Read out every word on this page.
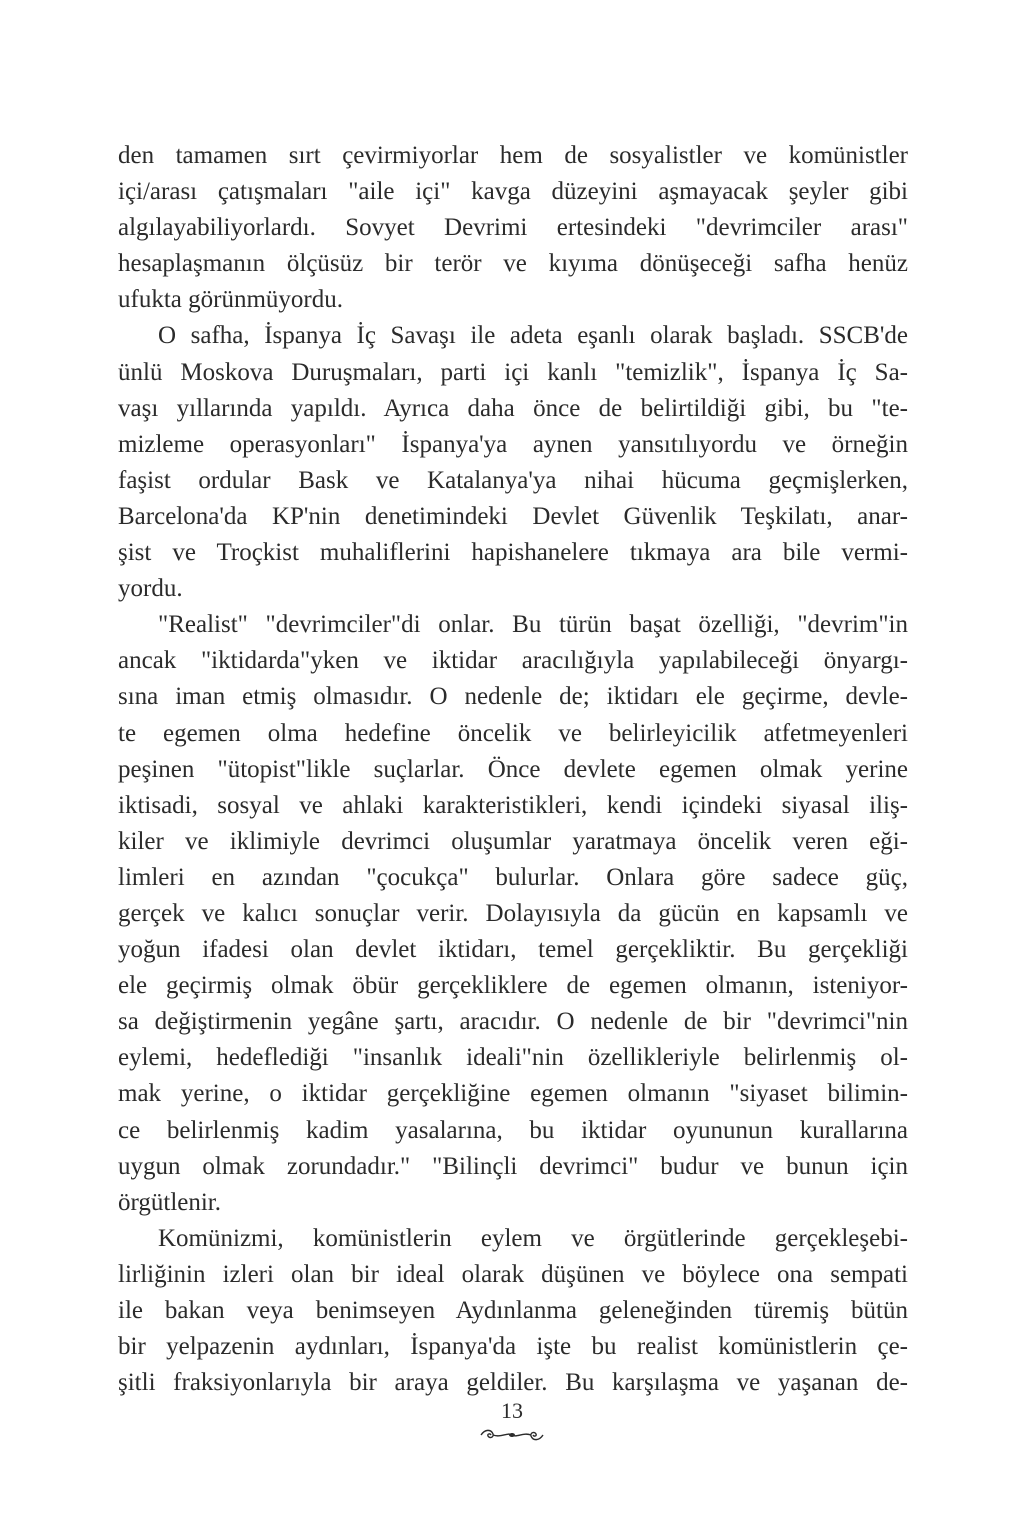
den tamamen sırt çevirmiyorlar hem de sosyalistler ve komünistler
içi/arası çatışmaları "aile içi" kavga düzeyini aşmayacak şeyler gibi
algılayabiliyorlardı. Sovyet Devrimi ertesindeki "devrimciler arası"
hesaplaşmanın ölçüsüz bir terör ve kıyıma dönüşeceği safha henüz
ufukta görünmüyordu.
O safha, İspanya İç Savaşı ile adeta eşanlı olarak başladı. SSCB'de
ünlü Moskova Duruşmaları, parti içi kanlı "temizlik", İspanya İç Sa-
vaşı yıllarında yapıldı. Ayrıca daha önce de belirtildiği gibi, bu "te-
mizleme operasyonları" İspanya'ya aynen yansıtılıyordu ve örneğin
faşist ordular Bask ve Katalanya'ya nihai hücuma geçmişlerken,
Barcelona'da KP'nin denetimindeki Devlet Güvenlik Teşkilatı, anar-
şist ve Troçkist muhaliflerini hapishanelere tıkmaya ara bile vermi-
yordu.
"Realist" "devrimciler"di onlar. Bu türün başat özelliği, "devrim"in
ancak "iktidarda"yken ve iktidar aracılığıyla yapılabileceği önyargı-
sına iman etmiş olmasıdır. O nedenle de; iktidarı ele geçirme, devle-
te egemen olma hedefine öncelik ve belirleyicilik atfetmeyenleri
peşinen "ütopist"likle suçlarlar. Önce devlete egemen olmak yerine
iktisadi, sosyal ve ahlaki karakteristikleri, kendi içindeki siyasal iliş-
kiler ve iklimiyle devrimci oluşumlar yaratmaya öncelik veren eği-
limleri en azından "çocukça" bulurlar. Onlara göre sadece güç,
gerçek ve kalıcı sonuçlar verir. Dolayısıyla da gücün en kapsamlı ve
yoğun ifadesi olan devlet iktidarı, temel gerçekliktir. Bu gerçekliği
ele geçirmiş olmak öbür gerçekliklere de egemen olmanın, isteniyor-
sa değiştirmenin yegâne şartı, aracıdır. O nedenle de bir "devrimci"nin
eylemi, hedeflediği "insanlık ideali"nin özellikleriyle belirlenmiş ol-
mak yerine, o iktidar gerçekliğine egemen olmanın "siyaset bilimin-
ce belirlenmiş kadim yasalarına, bu iktidar oyununun kurallarına
uygun olmak zorundadır." "Bilinçli devrimci" budur ve bunun için
örgütlenir.
Komünizmi, komünistlerin eylem ve örgütlerinde gerçekleşebi-
lirliğinin izleri olan bir ideal olarak düşünen ve böylece ona sempati
ile bakan veya benimseyen Aydınlanma geleneğinden türemiş bütün
bir yelpazenin aydınları, İspanya'da işte bu realist komünistlerin çe-
şitli fraksiyonlarıyla bir araya geldiler. Bu karşılaşma ve yaşanan de-
13
